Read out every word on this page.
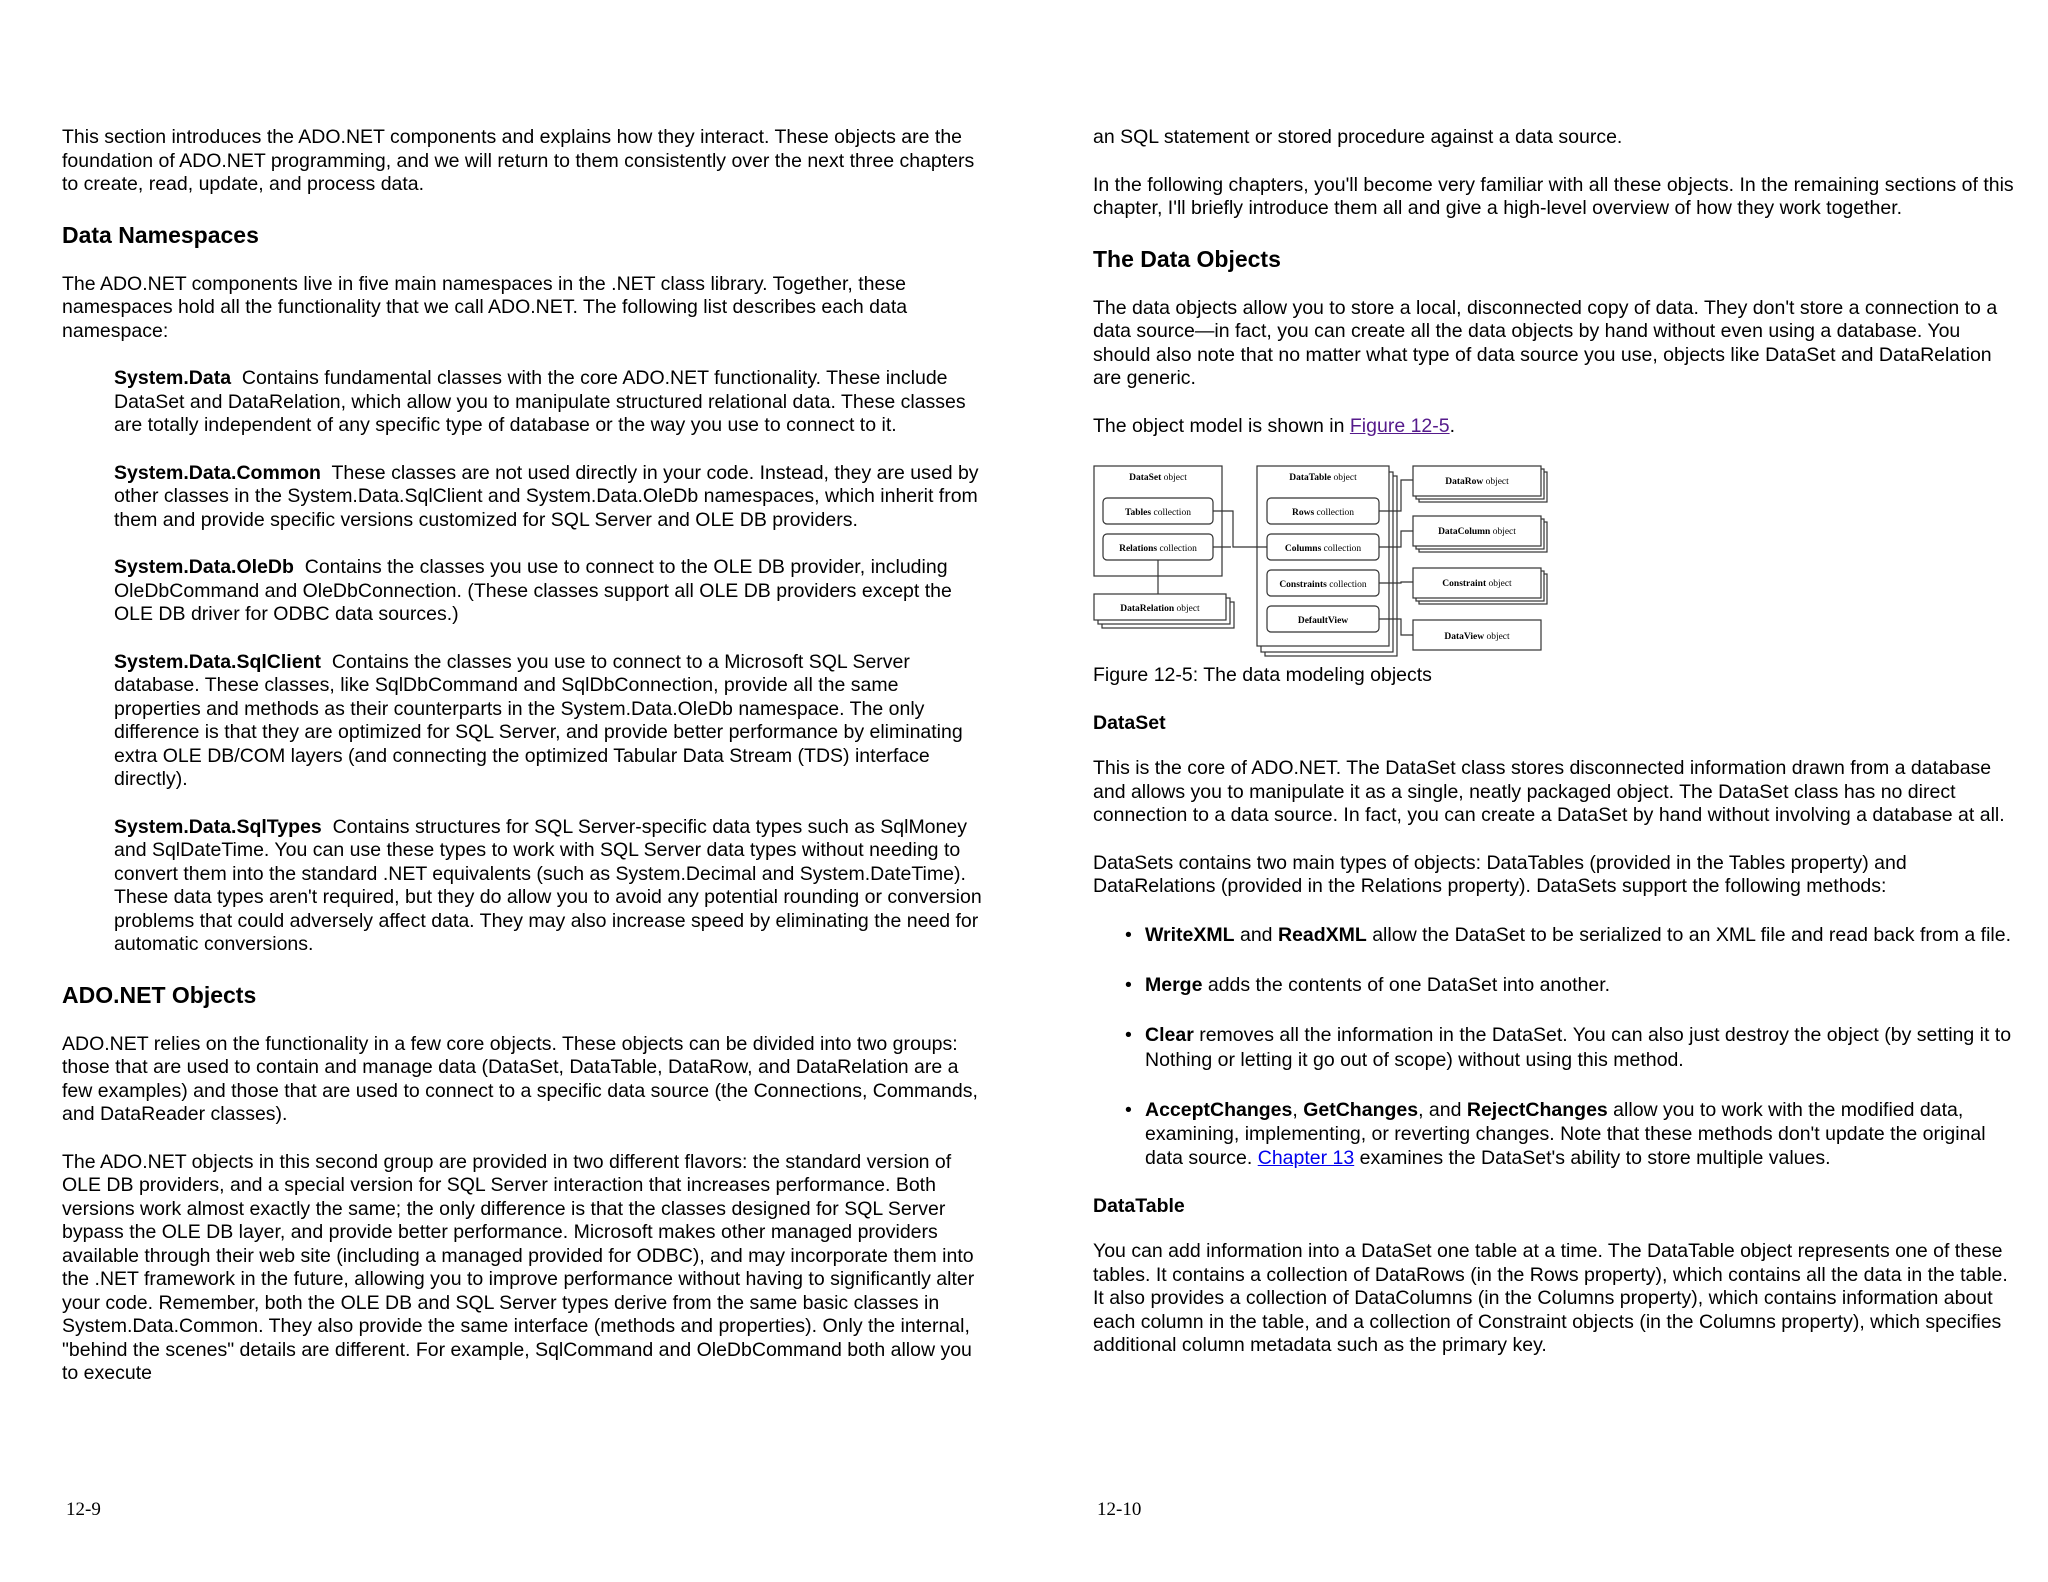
This section introduces the ADO.NET components and explains how they interact. These objects are the foundation of ADO.NET programming, and we will return to them consistently over the next three chapters to create, read, update, and process data.

Data Namespaces

The ADO.NET components live in five main namespaces in the .NET class library. Together, these namespaces hold all the functionality that we call ADO.NET. The following list describes each data namespace:

System.Data Contains fundamental classes with the core ADO.NET functionality. These include DataSet and DataRelation, which allow you to manipulate structured relational data. These classes are totally independent of any specific type of database or the way you use to connect to it.

System.Data.Common These classes are not used directly in your code. Instead, they are used by other classes in the System.Data.SqlClient and System.Data.OleDb namespaces, which inherit from them and provide specific versions customized for SQL Server and OLE DB providers.

System.Data.OleDb Contains the classes you use to connect to the OLE DB provider, including OleDbCommand and OleDbConnection. (These classes support all OLE DB providers except the OLE DB driver for ODBC data sources.)

System.Data.SqlClient Contains the classes you use to connect to a Microsoft SQL Server database. These classes, like SqlDbCommand and SqlDbConnection, provide all the same properties and methods as their counterparts in the System.Data.OleDb namespace. The only difference is that they are optimized for SQL Server, and provide better performance by eliminating extra OLE DB/COM layers (and connecting the optimized Tabular Data Stream (TDS) interface directly).

System.Data.SqlTypes Contains structures for SQL Server-specific data types such as SqlMoney and SqlDateTime. You can use these types to work with SQL Server data types without needing to convert them into the standard .NET equivalents (such as System.Decimal and System.DateTime). These data types aren't required, but they do allow you to avoid any potential rounding or conversion problems that could adversely affect data. They may also increase speed by eliminating the need for automatic conversions.

ADO.NET Objects

ADO.NET relies on the functionality in a few core objects. These objects can be divided into two groups: those that are used to contain and manage data (DataSet, DataTable, DataRow, and DataRelation are a few examples) and those that are used to connect to a specific data source (the Connections, Commands, and DataReader classes).

The ADO.NET objects in this second group are provided in two different flavors: the standard version of OLE DB providers, and a special version for SQL Server interaction that increases performance. Both versions work almost exactly the same; the only difference is that the classes designed for SQL Server bypass the OLE DB layer, and provide better performance. Microsoft makes other managed providers available through their web site (including a managed provided for ODBC), and may incorporate them into the .NET framework in the future, allowing you to improve performance without having to significantly alter your code. Remember, both the OLE DB and SQL Server types derive from the same basic classes in System.Data.Common. They also provide the same interface (methods and properties). Only the internal, "behind the scenes" details are different. For example, SqlCommand and OleDbCommand both allow you to execute

12-9

an SQL statement or stored procedure against a data source.

In the following chapters, you'll become very familiar with all these objects. In the remaining sections of this chapter, I'll briefly introduce them all and give a high-level overview of how they work together.

The Data Objects

The data objects allow you to store a local, disconnected copy of data. They don't store a connection to a data source—in fact, you can create all the data objects by hand without even using a database. You should also note that no matter what type of data source you use, objects like DataSet and DataRelation are generic.

The object model is shown in Figure 12-5.

DataSet object
Tables collection
Relations collection
DataRelation object
DataTable object
Rows collection
Columns collection
Constraints collection
DefaultView
DataRow object
DataColumn object
Constraint object
DataView object

Figure 12-5: The data modeling objects

DataSet

This is the core of ADO.NET. The DataSet class stores disconnected information drawn from a database and allows you to manipulate it as a single, neatly packaged object. The DataSet class has no direct connection to a data source. In fact, you can create a DataSet by hand without involving a database at all.

DataSets contains two main types of objects: DataTables (provided in the Tables property) and DataRelations (provided in the Relations property). DataSets support the following methods:

• WriteXML and ReadXML allow the DataSet to be serialized to an XML file and read back from a file.
• Merge adds the contents of one DataSet into another.
• Clear removes all the information in the DataSet. You can also just destroy the object (by setting it to Nothing or letting it go out of scope) without using this method.
• AcceptChanges, GetChanges, and RejectChanges allow you to work with the modified data, examining, implementing, or reverting changes. Note that these methods don't update the original data source. Chapter 13 examines the DataSet's ability to store multiple values.
DataTable

You can add information into a DataSet one table at a time. The DataTable object represents one of these tables. It contains a collection of DataRows (in the Rows property), which contains all the data in the table. It also provides a collection of DataColumns (in the Columns property), which contains information about each column in the table, and a collection of Constraint objects (in the Columns property), which specifies additional column metadata such as the primary key.

12-10
